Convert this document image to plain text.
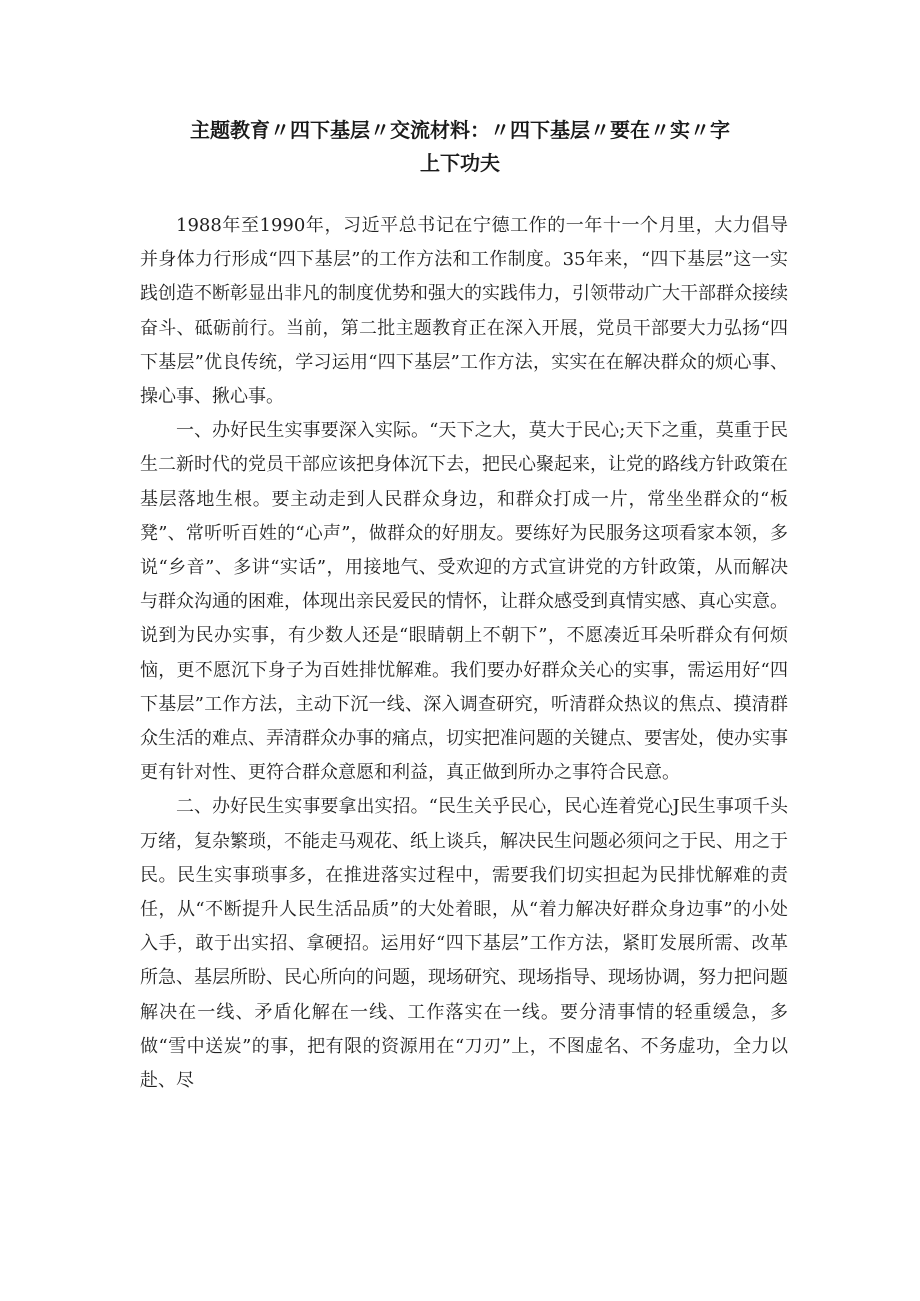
主题教育〃四下基层〃交流材料：〃四下基层〃要在〃实〃字
上下功夫

1988年至1990年，习近平总书记在宁德工作的一年十一个月里，大力倡导并身体力行形成“四下基层”的工作方法和工作制度。35年来，“四下基层”这一实践创造不断彰显出非凡的制度优势和强大的实践伟力，引领带动广大干部群众接续奋斗、砥砺前行。当前，第二批主题教育正在深入开展，党员干部要大力弘扬“四下基层”优良传统，学习运用“四下基层”工作方法，实实在在解决群众的烦心事、操心事、揪心事。

一、办好民生实事要深入实际。“天下之大，莫大于民心;天下之重，莫重于民生二新时代的党员干部应该把身体沉下去，把民心聚起来，让党的路线方针政策在基层落地生根。要主动走到人民群众身边，和群众打成一片，常坐坐群众的“板凳”、常听听百姓的“心声”，做群众的好朋友。要练好为民服务这项看家本领，多说“乡音”、多讲“实话”，用接地气、受欢迎的方式宣讲党的方针政策，从而解决与群众沟通的困难，体现出亲民爱民的情怀，让群众感受到真情实感、真心实意。说到为民办实事，有少数人还是“眼睛朝上不朝下”，不愿凑近耳朵听群众有何烦恼，更不愿沉下身子为百姓排忧解难。我们要办好群众关心的实事，需运用好“四下基层”工作方法，主动下沉一线、深入调查研究，听清群众热议的焦点、摸清群众生活的难点、弄清群众办事的痛点，切实把准问题的关键点、要害处，使办实事更有针对性、更符合群众意愿和利益，真正做到所办之事符合民意。

二、办好民生实事要拿出实招。“民生关乎民心，民心连着党心J民生事项千头万绪，复杂繁琐，不能走马观花、纸上谈兵，解决民生问题必须问之于民、用之于民。民生实事琐事多，在推进落实过程中，需要我们切实担起为民排忧解难的责任，从“不断提升人民生活品质”的大处着眼，从“着力解决好群众身边事”的小处入手，敢于出实招、拿硬招。运用好“四下基层”工作方法，紧盯发展所需、改革所急、基层所盼、民心所向的问题，现场研究、现场指导、现场协调，努力把问题解决在一线、矛盾化解在一线、工作落实在一线。要分清事情的轻重缓急，多做“雪中送炭”的事，把有限的资源用在“刀刃”上，不图虚名、不务虚功，全力以赴、尽
